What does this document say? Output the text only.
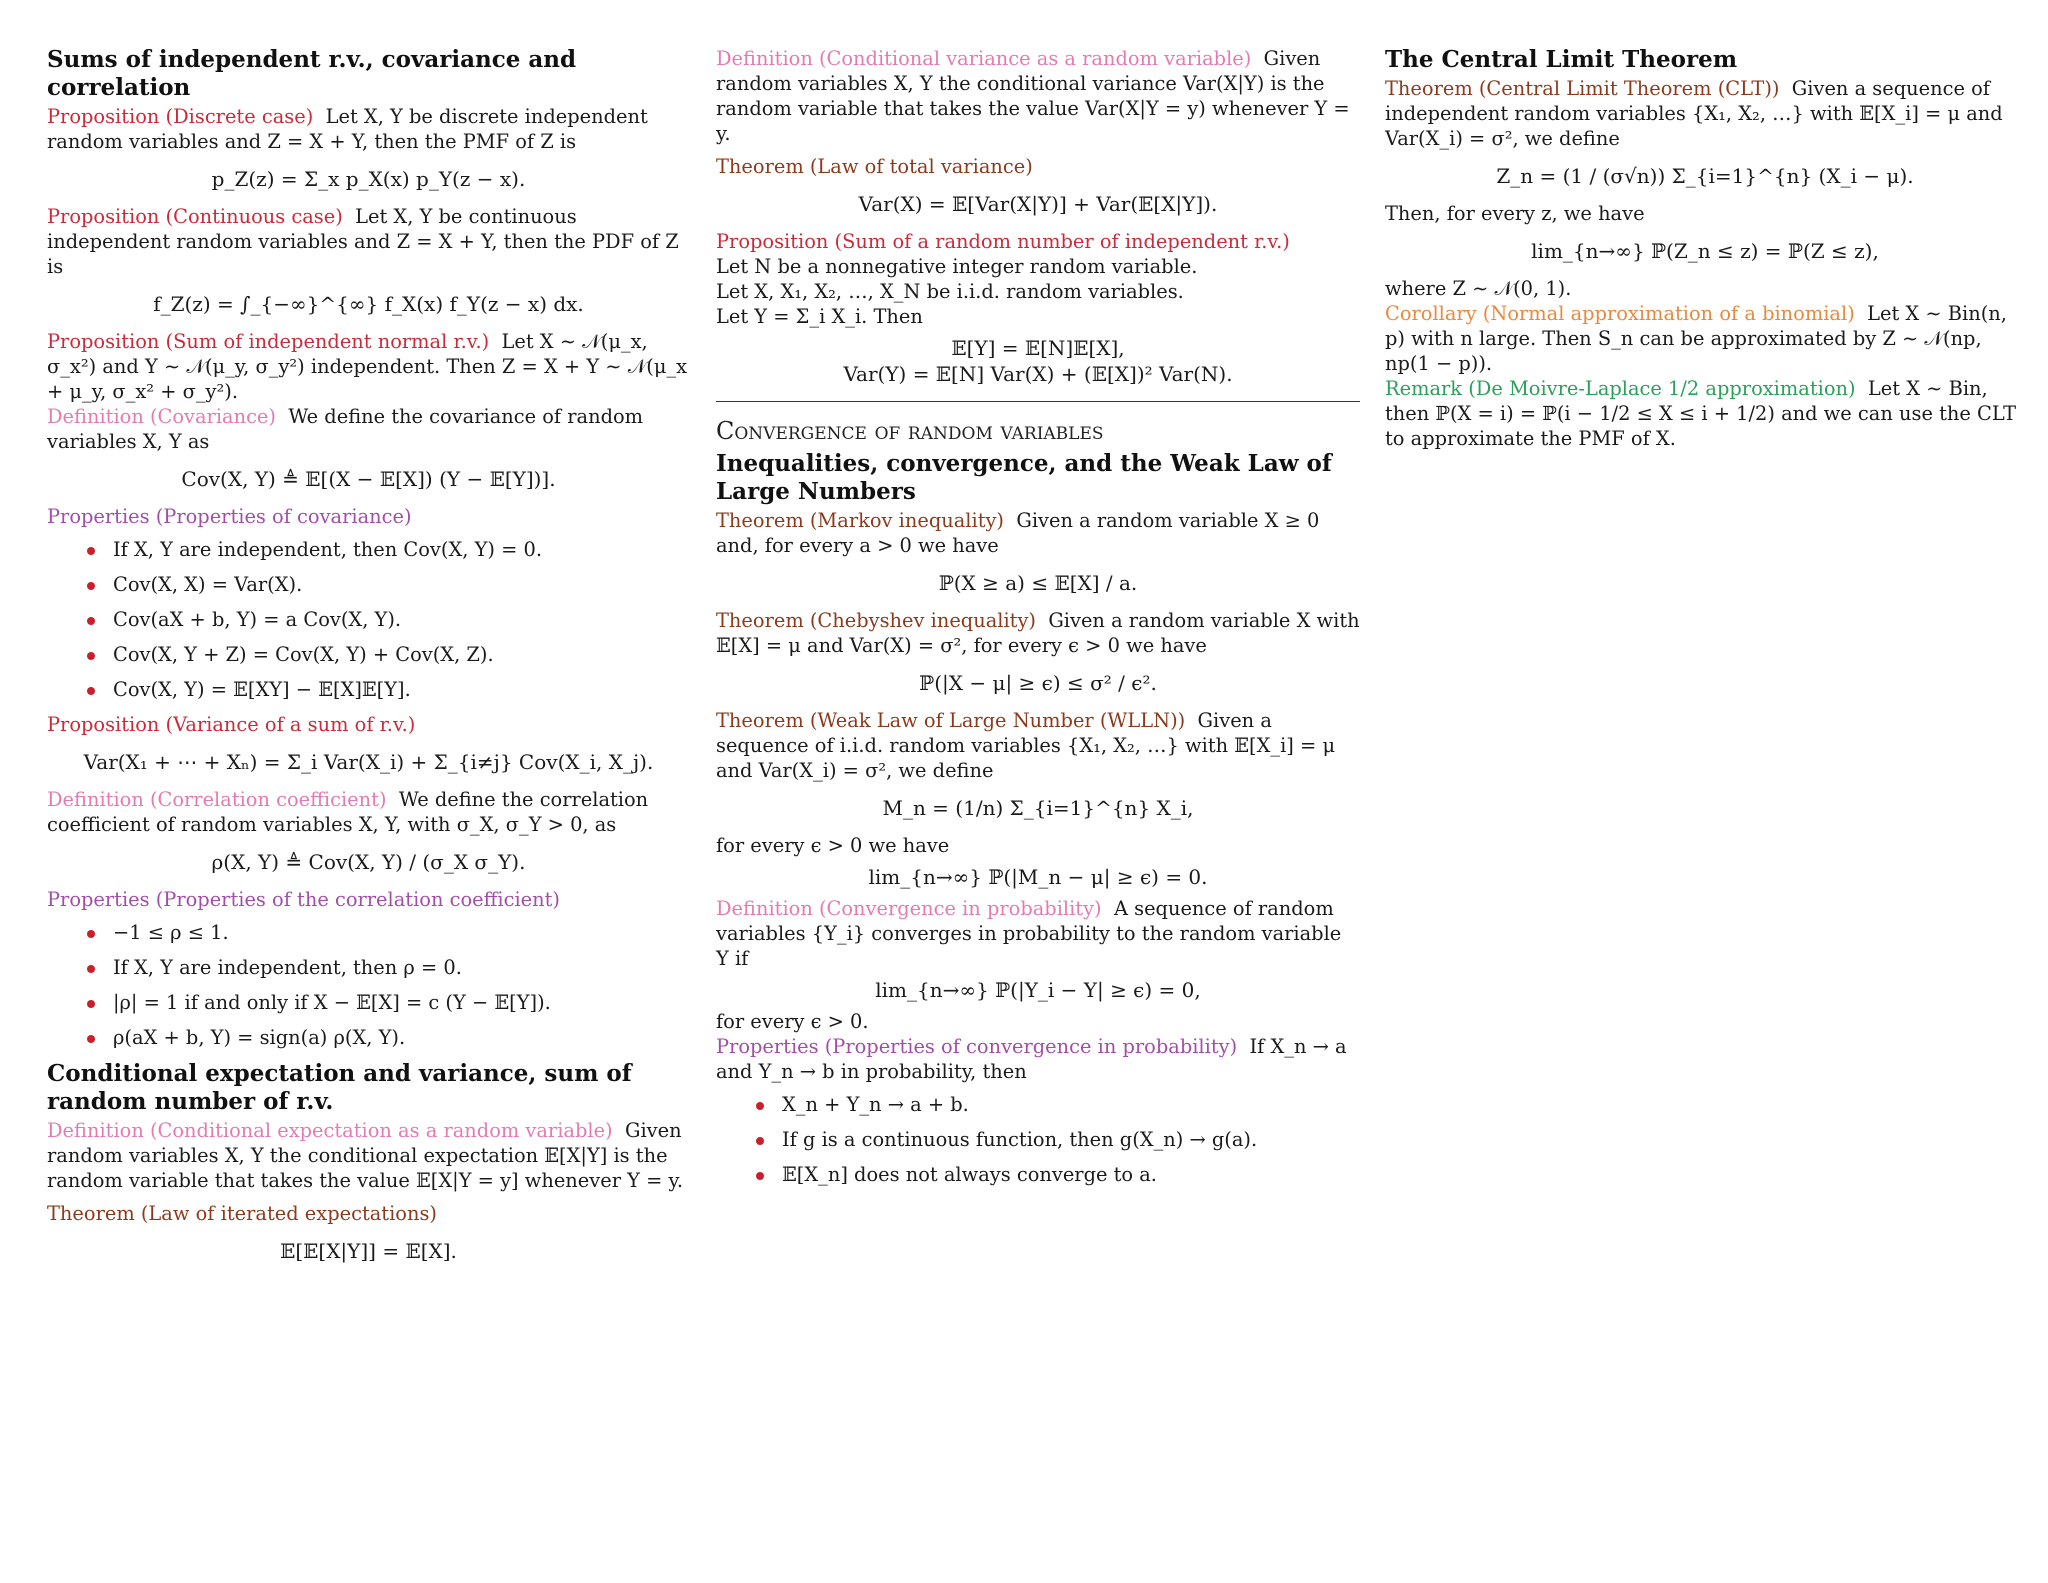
Sums of independent r.v., covariance and correlation

Proposition (Discrete case) Let X, Y be discrete independent random variables and Z = X + Y, then the PMF of Z is

p_Z(z) = Σ_x p_X(x) p_Y(z − x).

Proposition (Continuous case) Let X, Y be continuous independent random variables and Z = X + Y, then the PDF of Z is

f_Z(z) = ∫_{−∞}^{∞} f_X(x) f_Y(z − x) dx.

Proposition (Sum of independent normal r.v.) Let X ∼ 𝒩(μ_x, σ_x²) and Y ∼ 𝒩(μ_y, σ_y²) independent. Then Z = X + Y ∼ 𝒩(μ_x + μ_y, σ_x² + σ_y²).

Definition (Covariance) We define the covariance of random variables X, Y as

Cov(X, Y) ≜ 𝔼[(X − 𝔼[X]) (Y − 𝔼[Y])].

Properties (Properties of covariance)

If X, Y are independent, then Cov(X, Y) = 0.
Cov(X, X) = Var(X).
Cov(aX + b, Y) = a Cov(X, Y).
Cov(X, Y + Z) = Cov(X, Y) + Cov(X, Z).
Cov(X, Y) = 𝔼[XY] − 𝔼[X]𝔼[Y].

Proposition (Variance of a sum of r.v.)

Var(X₁ + ⋯ + Xₙ) = Σ_i Var(X_i) + Σ_{i≠j} Cov(X_i, X_j).

Definition (Correlation coefficient) We define the correlation coefficient of random variables X, Y, with σ_X, σ_Y > 0, as

ρ(X, Y) ≜ Cov(X, Y) / (σ_X σ_Y).

Properties (Properties of the correlation coefficient)

−1 ≤ ρ ≤ 1.
If X, Y are independent, then ρ = 0.
|ρ| = 1 if and only if X − 𝔼[X] = c (Y − 𝔼[Y]).
ρ(aX + b, Y) = sign(a) ρ(X, Y).
Conditional expectation and variance, sum of random number of r.v.

Definition (Conditional expectation as a random variable) Given random variables X, Y the conditional expectation 𝔼[X|Y] is the random variable that takes the value 𝔼[X|Y = y] whenever Y = y.

Theorem (Law of iterated expectations)

𝔼[𝔼[X|Y]] = 𝔼[X].

Definition (Conditional variance as a random variable) Given random variables X, Y the conditional variance Var(X|Y) is the random variable that takes the value Var(X|Y = y) whenever Y = y.

Theorem (Law of total variance)

Var(X) = 𝔼[Var(X|Y)] + Var(𝔼[X|Y]).

Proposition (Sum of a random number of independent r.v.)

Let N be a nonnegative integer random variable.

Let X, X₁, X₂, …, X_N be i.i.d. random variables.

Let Y = Σ_i X_i. Then

𝔼[Y] = 𝔼[N]𝔼[X],
Var(Y) = 𝔼[N] Var(X) + (𝔼[X])² Var(N).
Convergence of random variables
Inequalities, convergence, and the Weak Law of Large Numbers

Theorem (Markov inequality) Given a random variable X ≥ 0 and, for every a > 0 we have

ℙ(X ≥ a) ≤ 𝔼[X] / a.

Theorem (Chebyshev inequality) Given a random variable X with 𝔼[X] = μ and Var(X) = σ², for every ϵ > 0 we have

ℙ(|X − μ| ≥ ϵ) ≤ σ² / ϵ².

Theorem (Weak Law of Large Number (WLLN)) Given a sequence of i.i.d. random variables {X₁, X₂, …} with 𝔼[X_i] = μ and Var(X_i) = σ², we define

M_n = (1/n) Σ_{i=1}^{n} X_i,

for every ϵ > 0 we have

lim_{n→∞} ℙ(|M_n − μ| ≥ ϵ) = 0.

Definition (Convergence in probability) A sequence of random variables {Y_i} converges in probability to the random variable Y if

lim_{n→∞} ℙ(|Y_i − Y| ≥ ϵ) = 0,

for every ϵ > 0.

Properties (Properties of convergence in probability) If X_n → a and Y_n → b in probability, then

X_n + Y_n → a + b.
If g is a continuous function, then g(X_n) → g(a).
𝔼[X_n] does not always converge to a.
The Central Limit Theorem

Theorem (Central Limit Theorem (CLT)) Given a sequence of independent random variables {X₁, X₂, …} with 𝔼[X_i] = μ and Var(X_i) = σ², we define

Z_n = (1 / (σ√n)) Σ_{i=1}^{n} (X_i − μ).

Then, for every z, we have

lim_{n→∞} ℙ(Z_n ≤ z) = ℙ(Z ≤ z),

where Z ∼ 𝒩(0, 1).

Corollary (Normal approximation of a binomial) Let X ∼ Bin(n, p) with n large. Then S_n can be approximated by Z ∼ 𝒩(np, np(1 − p)).

Remark (De Moivre-Laplace 1/2 approximation) Let X ∼ Bin, then ℙ(X = i) = ℙ(i − 1/2 ≤ X ≤ i + 1/2) and we can use the CLT to approximate the PMF of X.
